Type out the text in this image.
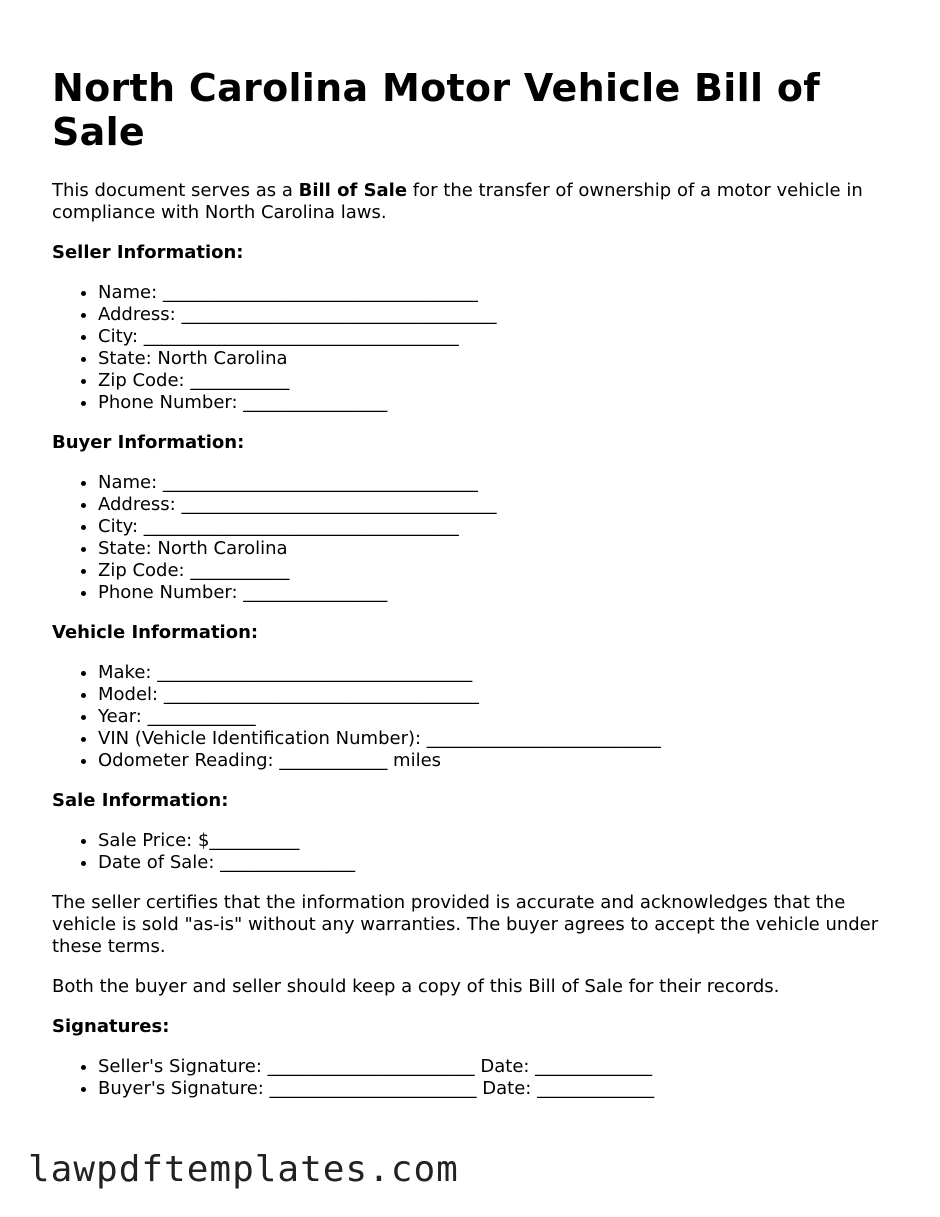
North Carolina Motor Vehicle Bill of Sale

This document serves as a Bill of Sale for the transfer of ownership of a motor vehicle in compliance with North Carolina laws.

Seller Information:
• Name: ___________________________________
• Address: ___________________________________
• City: ___________________________________
• State: North Carolina
• Zip Code: ___________
• Phone Number: ________________
Buyer Information:
• Name: ___________________________________
• Address: ___________________________________
• City: ___________________________________
• State: North Carolina
• Zip Code: ___________
• Phone Number: ________________
Vehicle Information:
• Make: ___________________________________
• Model: ___________________________________
• Year: ____________
• VIN (Vehicle Identification Number): __________________________
• Odometer Reading: ____________ miles
Sale Information:
• Sale Price: $__________
• Date of Sale: _______________

The seller certifies that the information provided is accurate and acknowledges that the vehicle is sold "as-is" without any warranties. The buyer agrees to accept the vehicle under these terms.

Both the buyer and seller should keep a copy of this Bill of Sale for their records.

Signatures:
• Seller's Signature: _______________________ Date: _____________
• Buyer's Signature: _______________________ Date: _____________
lawpdftemplates.com
